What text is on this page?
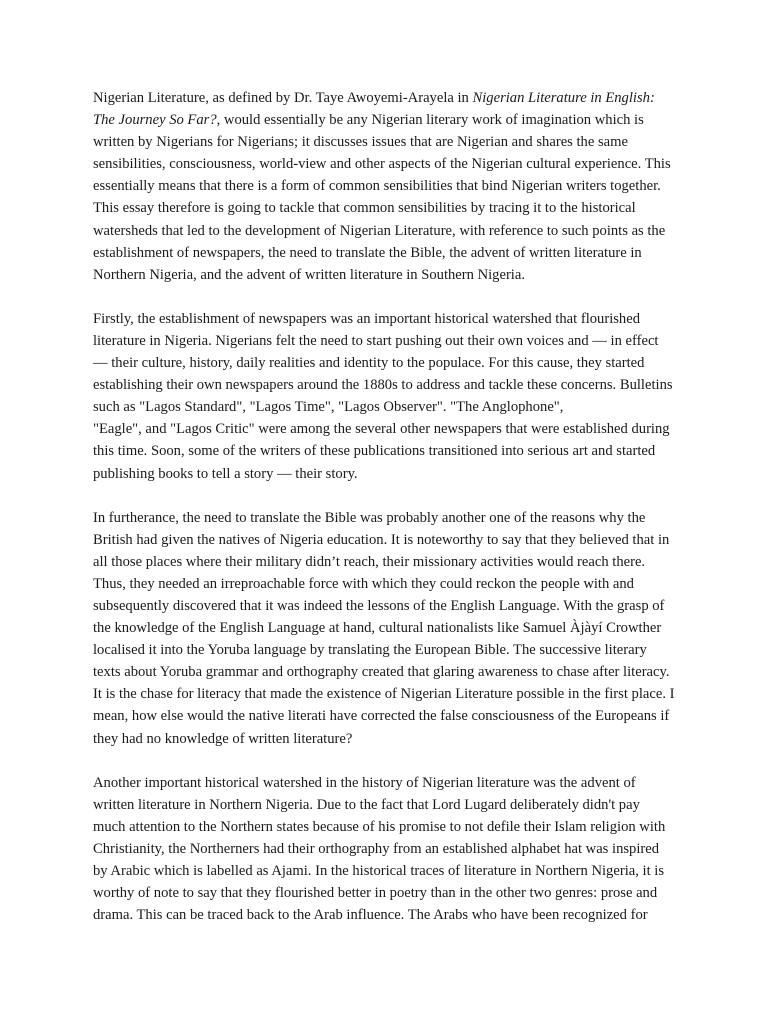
Nigerian Literature, as defined by Dr. Taye Awoyemi-Arayela in Nigerian Literature in English:
The Journey So Far?, would essentially be any Nigerian literary work of imagination which is
written by Nigerians for Nigerians; it discusses issues that are Nigerian and shares the same
sensibilities, consciousness, world-view and other aspects of the Nigerian cultural experience. This
essentially means that there is a form of common sensibilities that bind Nigerian writers together.
This essay therefore is going to tackle that common sensibilities by tracing it to the historical
watersheds that led to the development of Nigerian Literature, with reference to such points as the
establishment of newspapers, the need to translate the Bible, the advent of written literature in
Northern Nigeria, and the advent of written literature in Southern Nigeria.

Firstly, the establishment of newspapers was an important historical watershed that flourished
literature in Nigeria. Nigerians felt the need to start pushing out their own voices and — in effect
— their culture, history, daily realities and identity to the populace. For this cause, they started
establishing their own newspapers around the 1880s to address and tackle these concerns. Bulletins
such as "Lagos Standard", "Lagos Time", "Lagos Observer". "The Anglophone",
"Eagle", and "Lagos Critic" were among the several other newspapers that were established during
this time. Soon, some of the writers of these publications transitioned into serious art and started
publishing books to tell a story — their story.

In furtherance, the need to translate the Bible was probably another one of the reasons why the
British had given the natives of Nigeria education. It is noteworthy to say that they believed that in
all those places where their military didn’t reach, their missionary activities would reach there.
Thus, they needed an irreproachable force with which they could reckon the people with and
subsequently discovered that it was indeed the lessons of the English Language. With the grasp of
the knowledge of the English Language at hand, cultural nationalists like Samuel Àjàyí Crowther
localised it into the Yoruba language by translating the European Bible. The successive literary
texts about Yoruba grammar and orthography created that glaring awareness to chase after literacy.
It is the chase for literacy that made the existence of Nigerian Literature possible in the first place. I
mean, how else would the native literati have corrected the false consciousness of the Europeans if
they had no knowledge of written literature?

Another important historical watershed in the history of Nigerian literature was the advent of
written literature in Northern Nigeria. Due to the fact that Lord Lugard deliberately didn't pay
much attention to the Northern states because of his promise to not defile their Islam religion with
Christianity, the Northerners had their orthography from an established alphabet hat was inspired
by Arabic which is labelled as Ajami. In the historical traces of literature in Northern Nigeria, it is
worthy of note to say that they flourished better in poetry than in the other two genres: prose and
drama. This can be traced back to the Arab influence. The Arabs who have been recognized for
